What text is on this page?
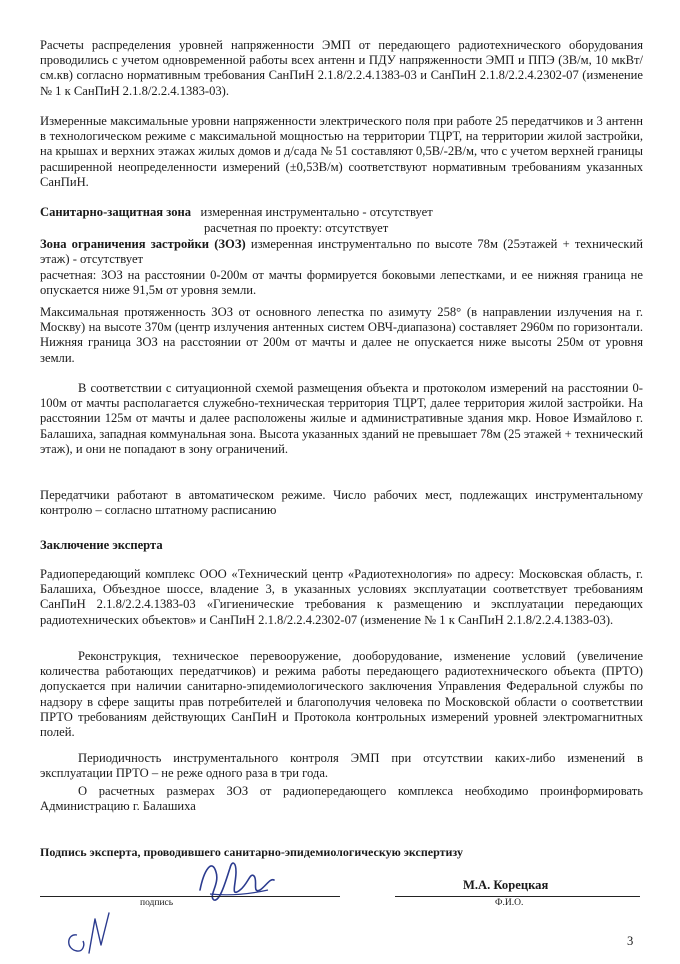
Расчеты распределения уровней напряженности ЭМП от передающего радиотехнического оборудования проводились с учетом одновременной работы всех антенн и ПДУ напряженности ЭМП и ППЭ (3В/м, 10 мкВт/см.кв) согласно нормативным требования СанПиН 2.1.8/2.2.4.1383-03 и СанПиН 2.1.8/2.2.4.2302-07 (изменение № 1 к СанПиН 2.1.8/2.2.4.1383-03).

Измеренные максимальные уровни напряженности электрического поля при работе 25 передатчиков и 3 антенн в технологическом режиме с максимальной мощностью на территории ТЦРТ, на территории жилой застройки, на крышах и верхних этажах жилых домов и д/сада № 51 составляют 0,5В/-2В/м, что с учетом верхней границы расширенной неопределенности измерений (±0,53В/м) соответствуют нормативным требованиям указанных СанПиН.

Санитарно-защитная зона измеренная инструментально - отсутствует

расчетная по проекту: отсутствует

Зона ограничения застройки (ЗОЗ) измеренная инструментально по высоте 78м (25этажей + технический этаж) - отсутствует

расчетная: ЗОЗ на расстоянии 0-200м от мачты формируется боковыми лепестками, и ее нижняя граница не опускается ниже 91,5м от уровня земли.

Максимальная протяженность ЗОЗ от основного лепестка по азимуту 258° (в направлении излучения на г. Москву) на высоте 370м (центр излучения антенных систем ОВЧ-диапазона) составляет 2960м по горизонтали. Нижняя граница ЗОЗ на расстоянии от 200м от мачты и далее не опускается ниже высоты 250м от уровня земли.

В соответствии с ситуационной схемой размещения объекта и протоколом измерений на расстоянии 0-100м от мачты располагается служебно-техническая территория ТЦРТ, далее территория жилой застройки. На расстоянии 125м от мачты и далее расположены жилые и административные здания мкр. Новое Измайлово г. Балашиха, западная коммунальная зона. Высота указанных зданий не превышает 78м (25 этажей + технический этаж), и они не попадают в зону ограничений.

Передатчики работают в автоматическом режиме. Число рабочих мест, подлежащих инструментальному контролю – согласно штатному расписанию

Заключение эксперта

Радиопередающий комплекс ООО «Технический центр «Радиотехнология» по адресу: Московская область, г. Балашиха, Объездное шоссе, владение 3, в указанных условиях эксплуатации соответствует требованиям СанПиН 2.1.8/2.2.4.1383-03 «Гигиенические требования к размещению и эксплуатации передающих радиотехнических объектов» и СанПиН 2.1.8/2.2.4.2302-07 (изменение № 1 к СанПиН 2.1.8/2.2.4.1383-03).

Реконструкция, техническое перевооружение, дооборудование, изменение условий (увеличение количества работающих передатчиков) и режима работы передающего радиотехнического объекта (ПРТО) допускается при наличии санитарно-эпидемиологического заключения Управления Федеральной службы по надзору в сфере защиты прав потребителей и благополучия человека по Московской области о соответствии ПРТО требованиям действующих СанПиН и Протокола контрольных измерений уровней электромагнитных полей.

Периодичность инструментального контроля ЭМП при отсутствии каких-либо изменений в эксплуатации ПРТО – не реже одного раза в три года.

О расчетных размерах ЗОЗ от радиопередающего комплекса необходимо проинформировать Администрацию г. Балашиха

Подпись эксперта, проводившего санитарно-эпидемиологическую экспертизу
подпись
М.А. Корецкая
Ф.И.О.
3
